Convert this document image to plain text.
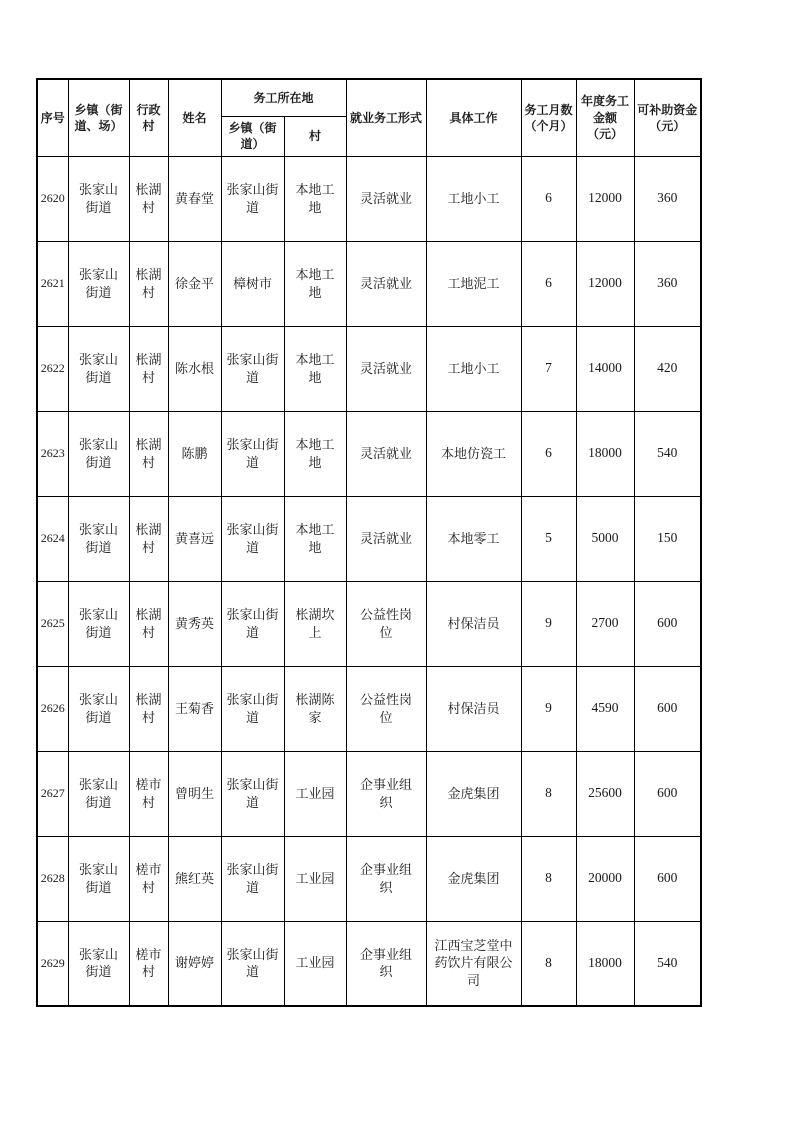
序号	乡镇（街道、场）	行政村	姓名	务工所在地		就业务工形式	具体工作	务工月数（个月）	年度务工金额（元）	可补助资金（元）
				乡镇（街道）	村					
2620	张家山街道	枨湖村	黄春堂	张家山街道	本地工地	灵活就业	工地小工	6	12000	360
2621	张家山街道	枨湖村	徐金平	樟树市	本地工地	灵活就业	工地泥工	6	12000	360
2622	张家山街道	枨湖村	陈水根	张家山街道	本地工地	灵活就业	工地小工	7	14000	420
2623	张家山街道	枨湖村	陈鹏	张家山街道	本地工地	灵活就业	本地仿瓷工	6	18000	540
2624	张家山街道	枨湖村	黄喜远	张家山街道	本地工地	灵活就业	本地零工	5	5000	150
2625	张家山街道	枨湖村	黄秀英	张家山街道	枨湖坎上	公益性岗位	村保洁员	9	2700	600
2626	张家山街道	枨湖村	王菊香	张家山街道	枨湖陈家	公益性岗位	村保洁员	9	4590	600
2627	张家山街道	槎市村	曾明生	张家山街道	工业园	企事业组织	金虎集团	8	25600	600
2628	张家山街道	槎市村	熊红英	张家山街道	工业园	企事业组织	金虎集团	8	20000	600
2629	张家山街道	槎市村	谢婷婷	张家山街道	工业园	企事业组织	江西宝芝堂中药饮片有限公司	8	18000	540
